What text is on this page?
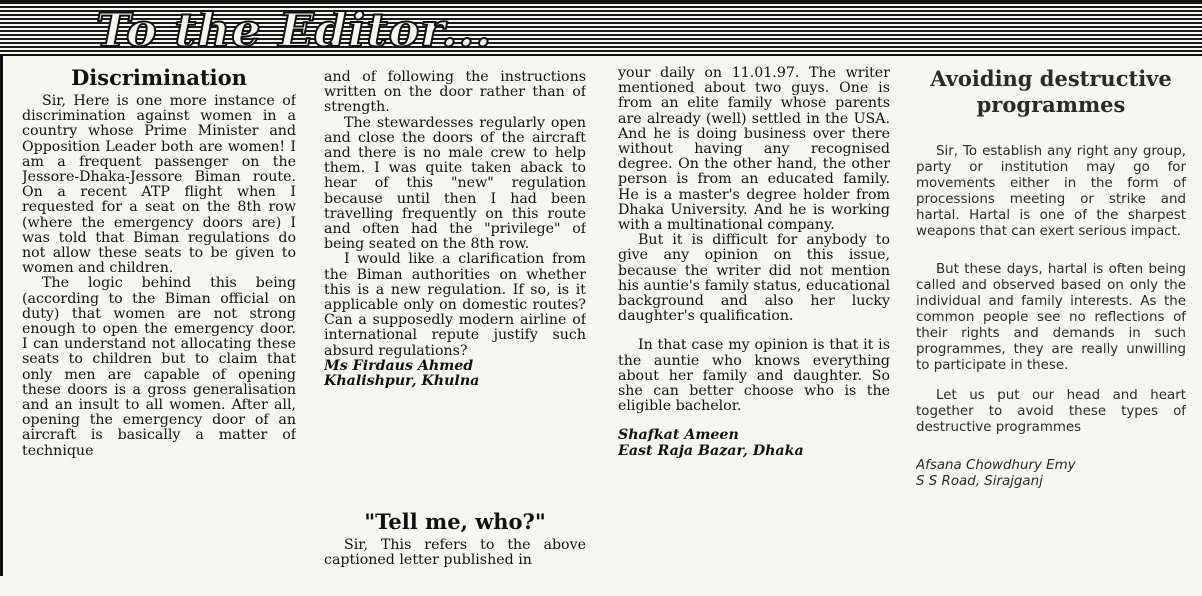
To the Editor...
Discrimination

Sir, Here is one more instance of discrimination against women in a country whose Prime Minister and Opposition Leader both are women! I am a frequent passenger on the Jessore-Dhaka-Jessore Biman route. On a recent ATP flight when I requested for a seat on the 8th row (where the emergency doors are) I was told that Biman regulations do not allow these seats to be given to women and children.

The logic behind this being (according to the Biman official on duty) that women are not strong enough to open the emergency door. I can understand not allocating these seats to children but to claim that only men are capable of opening these doors is a gross generalisation and an insult to all women. After all, opening the emergency door of an aircraft is basically a matter of technique

and of following the instructions written on the door rather than of strength.

The stewardesses regularly open and close the doors of the aircraft and there is no male crew to help them. I was quite taken aback to hear of this "new" regulation because until then I had been travelling frequently on this route and often had the "privilege" of being seated on the 8th row.

I would like a clarification from the Biman authorities on whether this is a new regulation. If so, is it applicable only on domestic routes? Can a supposedly modern airline of international repute justify such absurd regulations?

Ms Firdaus Ahmed

Khalishpur, Khulna

"Tell me, who?"

Sir, This refers to the above captioned letter published in

your daily on 11.01.97. The writer mentioned about two guys. One is from an elite family whose parents are already (well) settled in the USA. And he is doing business over there without having any recognised degree. On the other hand, the other person is from an educated family. He is a master's degree holder from Dhaka University. And he is working with a multinational company.

But it is difficult for anybody to give any opinion on this issue, because the writer did not mention his auntie's family status, educational background and also her lucky daughter's qualification.

In that case my opinion is that it is the auntie who knows everything about her family and daughter. So she can better choose who is the eligible bachelor.

Shafkat Ameen

East Raja Bazar, Dhaka

Avoiding destructive programmes

Sir, To establish any right any group, party or institution may go for movements either in the form of processions meeting or strike and hartal. Hartal is one of the sharpest weapons that can exert serious impact.

But these days, hartal is often being called and observed based on only the individual and family interests. As the common people see no reflections of their rights and demands in such programmes, they are really unwilling to participate in these.

Let us put our head and heart together to avoid these types of destructive programmes

Afsana Chowdhury Emy

S S Road, Sirajganj
